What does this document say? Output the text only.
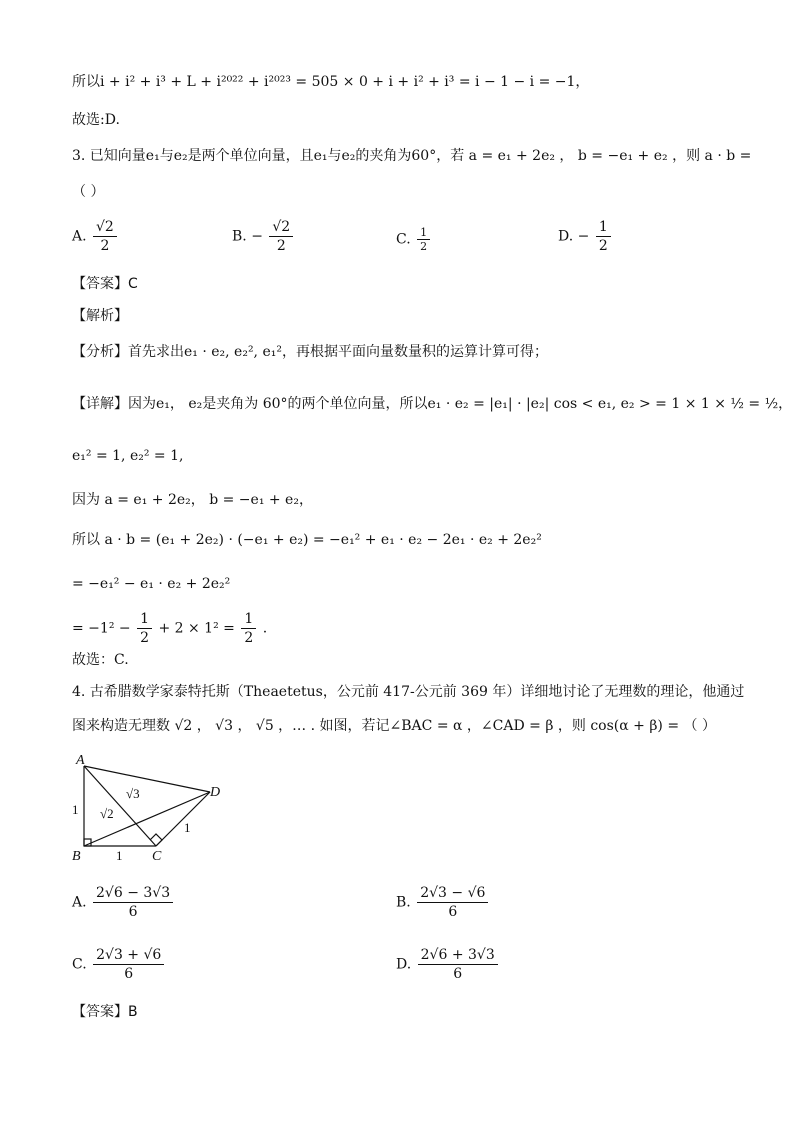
所以i + i² + i³ + L + i²⁰²² + i²⁰²³ = 505 × 0 + i + i² + i³ = i − 1 − i = −1，
故选:D.
3. 已知向量e₁与e₂是两个单位向量，且e₁与e₂的夹角为60°，若 a = e₁ + 2e₂ ， b = −e₁ + e₂ ，则 a · b =
（ ）
A. $\frac{√2}{2}$	B. − $\frac{√2}{2}$	C. $\frac{1}{2}$	D. − $\frac{1}{2}$
【答案】C
【解析】
【分析】首先求出e₁ · e₂, e₂², e₁²，再根据平面向量数量积的运算计算可得；
【详解】因为e₁， e₂是夹角为 60°的两个单位向量，所以e₁ · e₂ = |e₁| · |e₂| cos < e₁, e₂ > = 1 × 1 × ½ = ½，
e₁² = 1, e₂² = 1,
因为 a = e₁ + 2e₂， b = −e₁ + e₂，
所以 a · b = (e₁ + 2e₂) · (−e₁ + e₂) = −e₁² + e₁ · e₂ − 2e₁ · e₂ + 2e₂²
= −e₁² − e₁ · e₂ + 2e₂²
= $-1^2 - \frac{1}{2} + 2 \times 1^2 = \frac{1}{2}$ .
故选：C.
4. 古希腊数学家泰特托斯（Theaetetus，公元前 417-公元前 369 年）详细地讨论了无理数的理论，他通过
图来构造无理数 √2 ， √3 ， √5 ，… . 如图，若记∠BAC = α ，∠CAD = β ，则 cos(α + β) = （ ）
A
B	C
D
1
1
1
√2
√3
A. $\frac{2√6 - 3√3}{6}$	B. $\frac{2√3 - √6}{6}$
C. $\frac{2√3 + √6}{6}$	D. $\frac{2√6 + 3√3}{6}$
【答案】B
